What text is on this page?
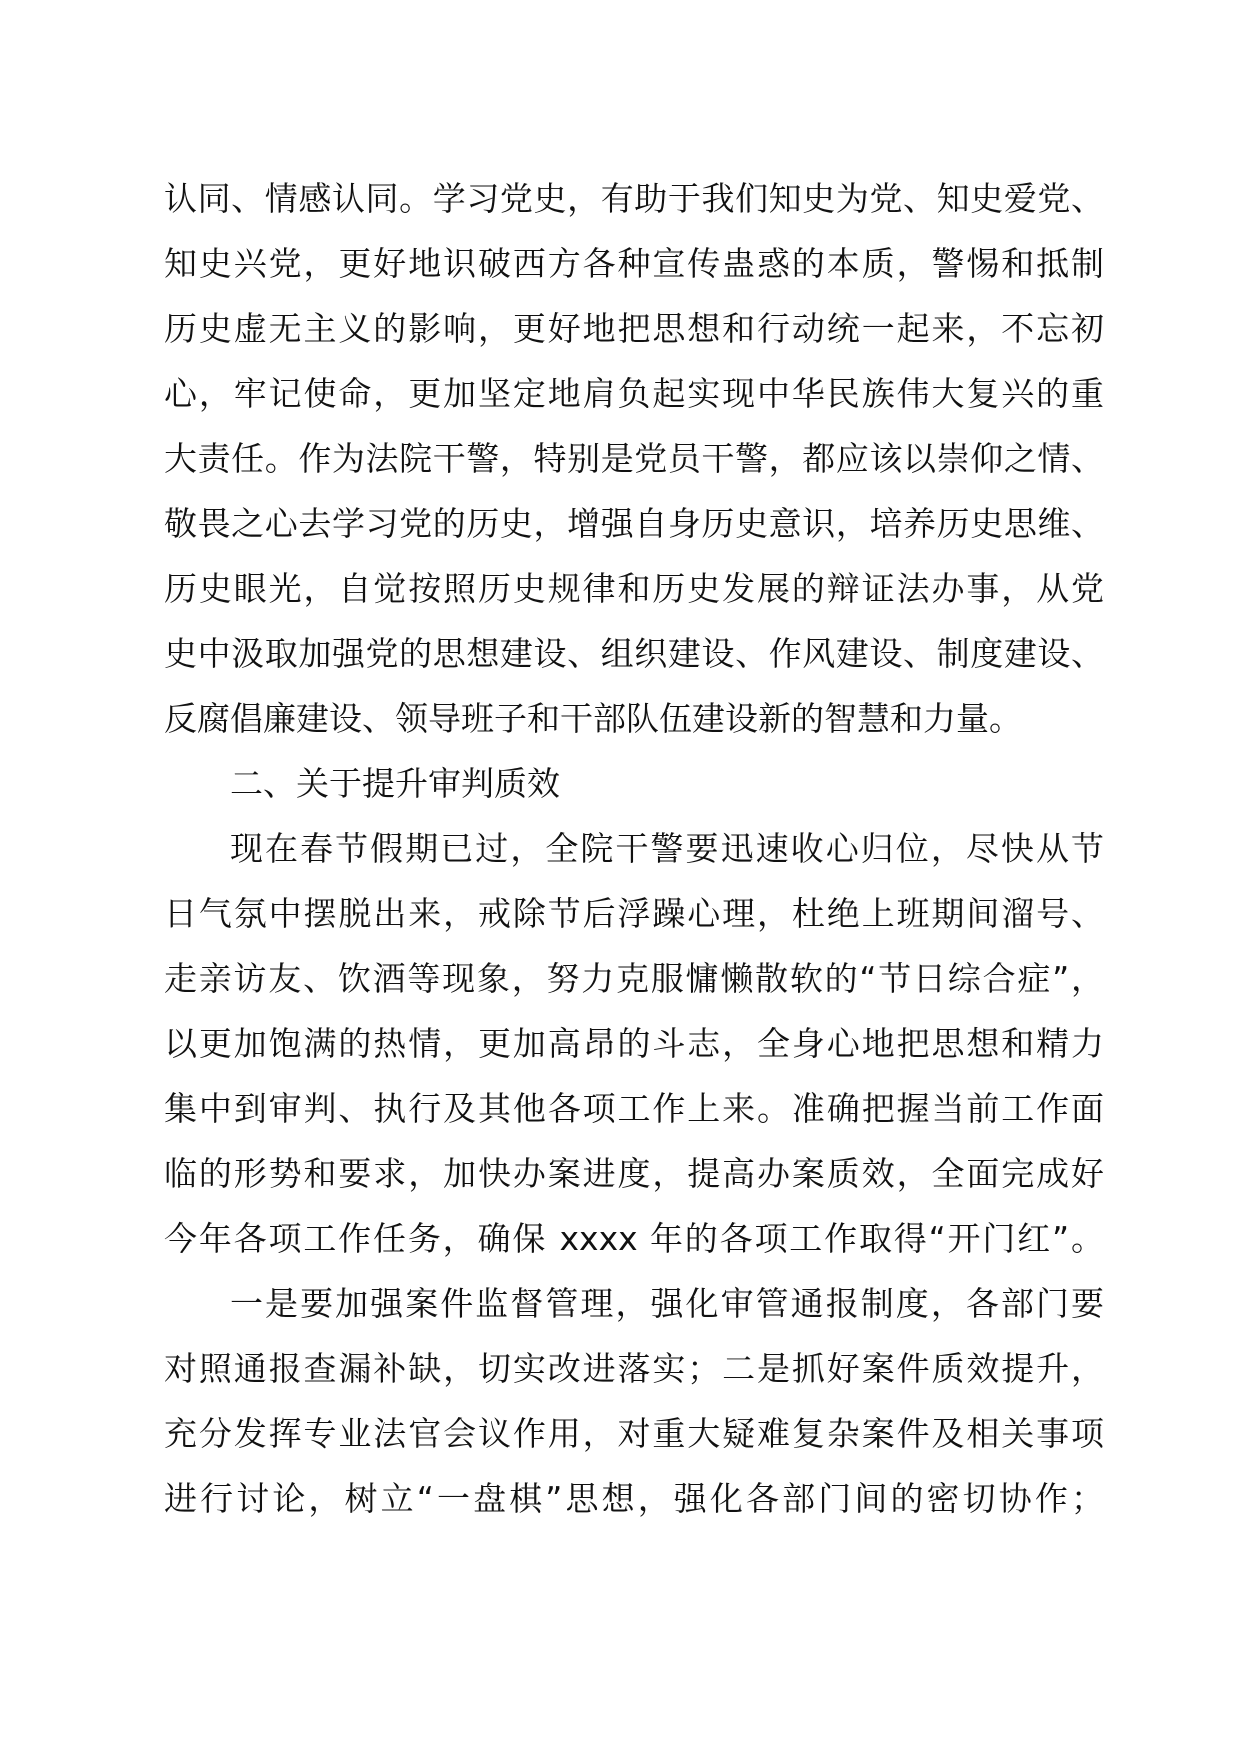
认同、情感认同。学习党史，有助于我们知史为党、知史爱党、
知史兴党，更好地识破西方各种宣传蛊惑的本质，警惕和抵制
历史虚无主义的影响，更好地把思想和行动统一起来，不忘初
心，牢记使命，更加坚定地肩负起实现中华民族伟大复兴的重
大责任。作为法院干警，特别是党员干警，都应该以崇仰之情、
敬畏之心去学习党的历史，增强自身历史意识，培养历史思维、
历史眼光，自觉按照历史规律和历史发展的辩证法办事，从党
史中汲取加强党的思想建设、组织建设、作风建设、制度建设、
反腐倡廉建设、领导班子和干部队伍建设新的智慧和力量。
二、关于提升审判质效
现在春节假期已过，全院干警要迅速收心归位，尽快从节
日气氛中摆脱出来，戒除节后浮躁心理，杜绝上班期间溜号、
走亲访友、饮酒等现象，努力克服慵懒散软的“节日综合症”，
以更加饱满的热情，更加高昂的斗志，全身心地把思想和精力
集中到审判、执行及其他各项工作上来。准确把握当前工作面
临的形势和要求，加快办案进度，提高办案质效，全面完成好
今年各项工作任务，确保 xxxx 年的各项工作取得“开门红”。
一是要加强案件监督管理，强化审管通报制度，各部门要
对照通报查漏补缺，切实改进落实；二是抓好案件质效提升，
充分发挥专业法官会议作用，对重大疑难复杂案件及相关事项
进行讨论，树立“一盘棋”思想，强化各部门间的密切协作；
